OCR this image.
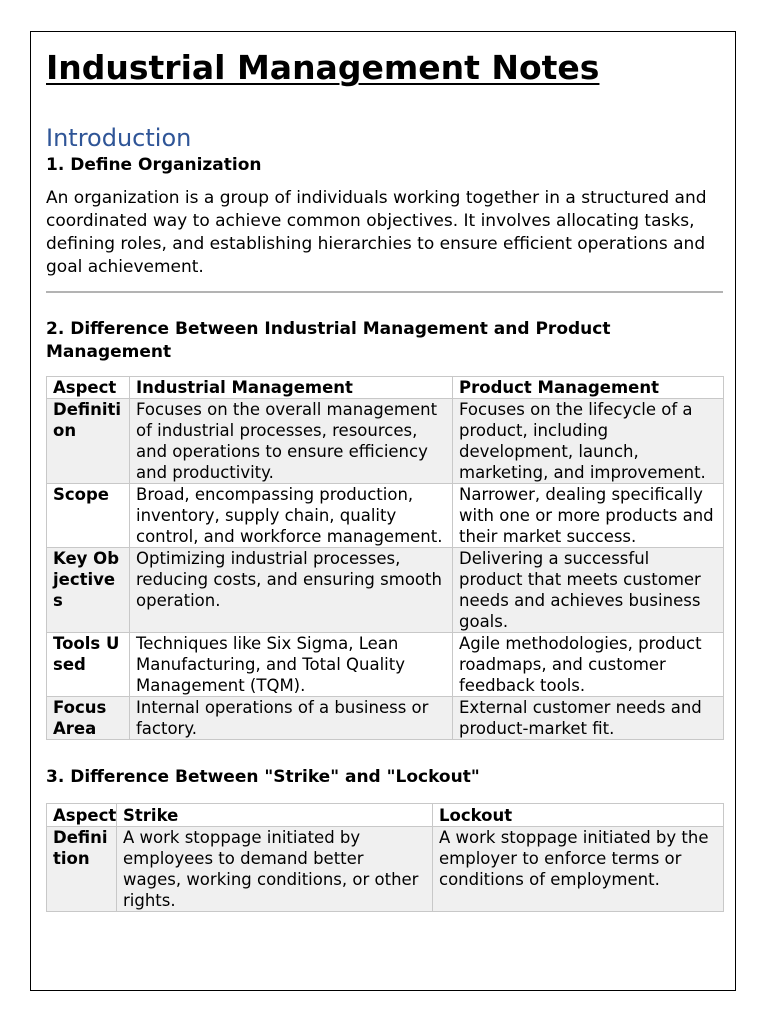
Industrial Management Notes
Introduction
1. Define Organization

An organization is a group of individuals working together in a structured and coordinated way to achieve common objectives. It involves allocating tasks, defining roles, and establishing hierarchies to ensure efficient operations and goal achievement.

2. Difference Between Industrial Management and Product Management
Aspect	Industrial Management	Product Management
Definition	Focuses on the overall management of industrial processes, resources, and operations to ensure efficiency and productivity.	Focuses on the lifecycle of a product, including development, launch, marketing, and improvement.
Scope	Broad, encompassing production, inventory, supply chain, quality control, and workforce management.	Narrower, dealing specifically with one or more products and their market success.
Key Objectives	Optimizing industrial processes, reducing costs, and ensuring smooth operation.	Delivering a successful product that meets customer needs and achieves business goals.
Tools Used	Techniques like Six Sigma, Lean Manufacturing, and Total Quality Management (TQM).	Agile methodologies, product roadmaps, and customer feedback tools.
Focus Area	Internal operations of a business or factory.	External customer needs and product-market fit.
3. Difference Between "Strike" and "Lockout"
Aspect	Strike	Lockout
Definition	A work stoppage initiated by employees to demand better wages, working conditions, or other rights.	A work stoppage initiated by the employer to enforce terms or conditions of employment.
